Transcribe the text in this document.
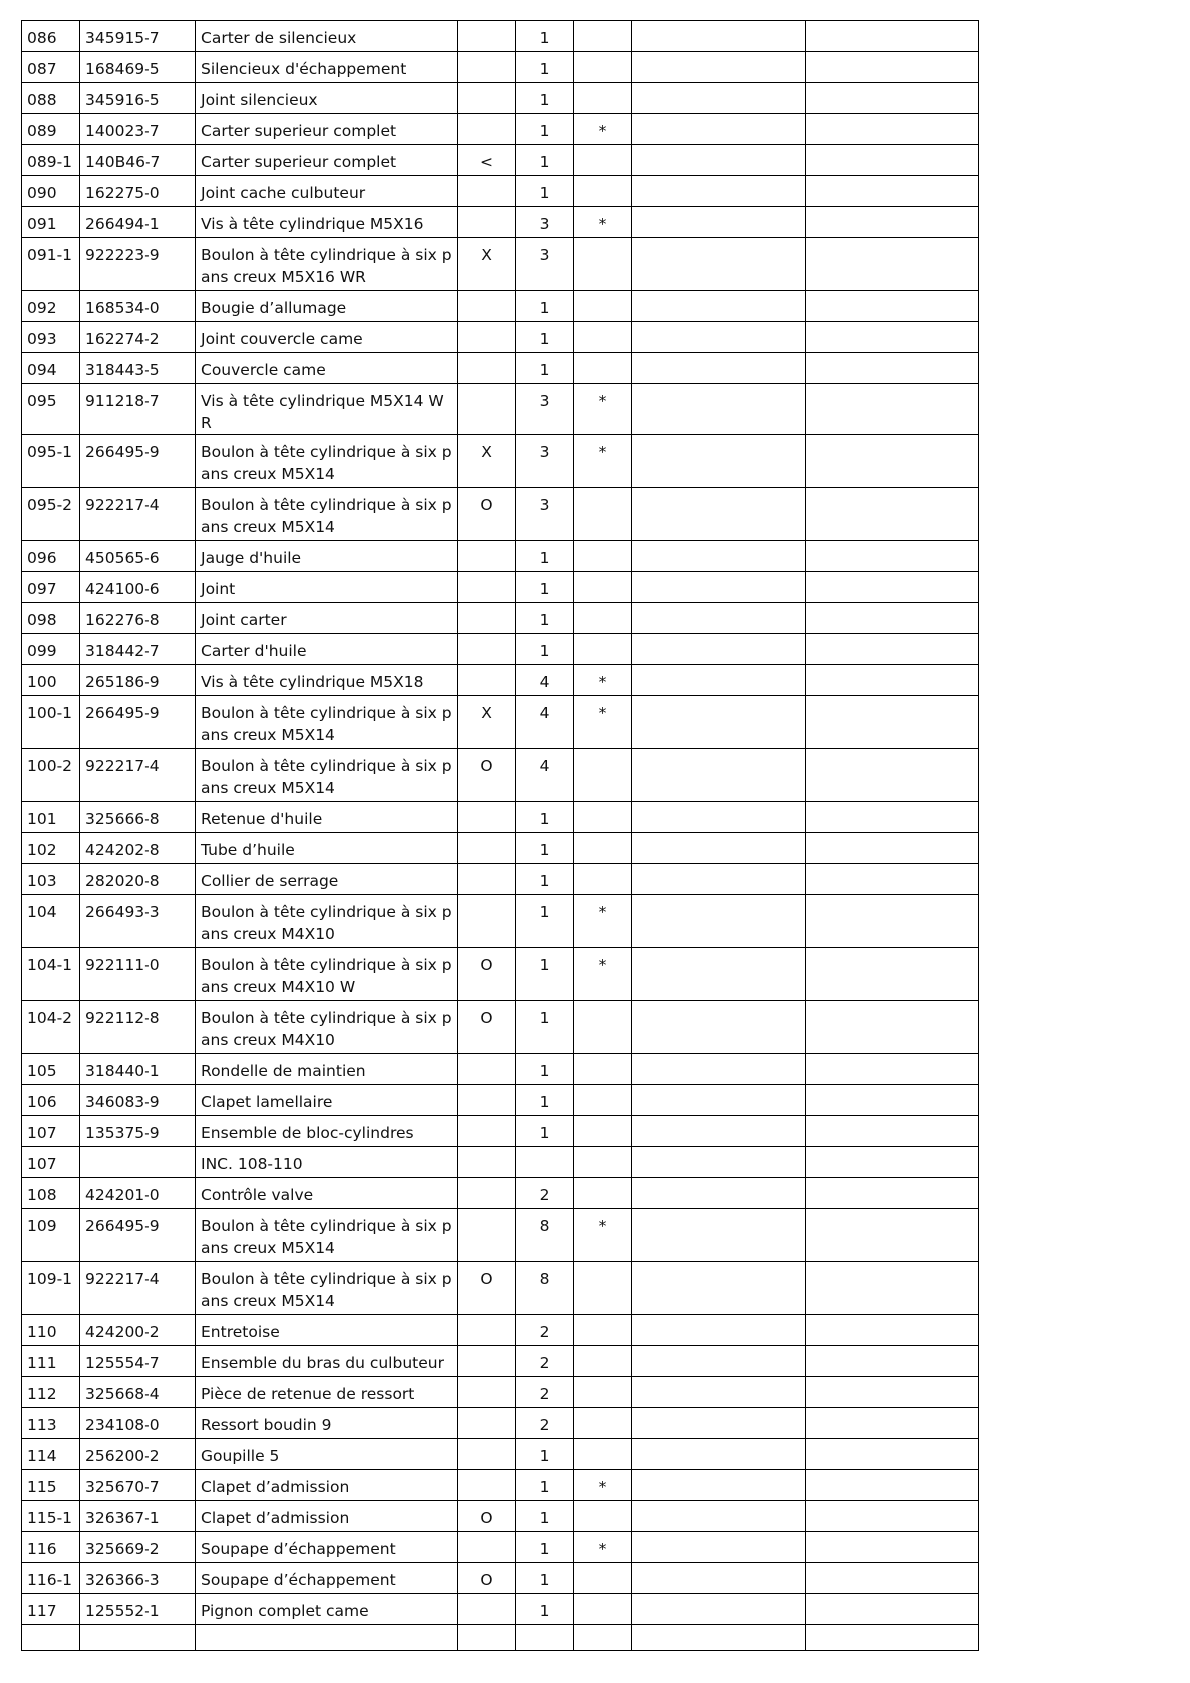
086	345915-7	Carter de silencieux		1			

087	168469-5	Silencieux d'échappement		1			

088	345916-5	Joint silencieux		1			

089	140023-7	Carter superieur complet		1	*		

089-1	140B46-7	Carter superieur complet	<	1			

090	162275-0	Joint cache culbuteur		1			

091	266494-1	Vis à tête cylindrique M5X16		3	*		

091-1	922223-9	Boulon à tête cylindrique à six pans creux M5X16 WR	X	3			

092	168534-0	Bougie d’allumage		1			

093	162274-2	Joint couvercle came		1			

094	318443-5	Couvercle came		1			

095	911218-7	Vis à tête cylindrique M5X14 WR		3	*		

095-1	266495-9	Boulon à tête cylindrique à six pans creux M5X14	X	3	*		

095-2	922217-4	Boulon à tête cylindrique à six pans creux M5X14	O	3			

096	450565-6	Jauge d'huile		1			

097	424100-6	Joint		1			

098	162276-8	Joint carter		1			

099	318442-7	Carter d'huile		1			

100	265186-9	Vis à tête cylindrique M5X18		4	*		

100-1	266495-9	Boulon à tête cylindrique à six pans creux M5X14	X	4	*		

100-2	922217-4	Boulon à tête cylindrique à six pans creux M5X14	O	4			

101	325666-8	Retenue d'huile		1			

102	424202-8	Tube d’huile		1			

103	282020-8	Collier de serrage		1			

104	266493-3	Boulon à tête cylindrique à six pans creux M4X10		1	*		

104-1	922111-0	Boulon à tête cylindrique à six pans creux M4X10 W	O	1	*		

104-2	922112-8	Boulon à tête cylindrique à six pans creux M4X10	O	1			

105	318440-1	Rondelle de maintien		1			

106	346083-9	Clapet lamellaire		1			

107	135375-9	Ensemble de bloc-cylindres		1			

107		INC. 108-110					

108	424201-0	Contrôle valve		2			

109	266495-9	Boulon à tête cylindrique à six pans creux M5X14		8	*		

109-1	922217-4	Boulon à tête cylindrique à six pans creux M5X14	O	8			

110	424200-2	Entretoise		2			

111	125554-7	Ensemble du bras du culbuteur		2			

112	325668-4	Pièce de retenue de ressort		2			

113	234108-0	Ressort boudin 9		2			

114	256200-2	Goupille 5		1			

115	325670-7	Clapet d’admission		1	*		

115-1	326367-1	Clapet d’admission	O	1			

116	325669-2	Soupape d’échappement		1	*		

116-1	326366-3	Soupape d’échappement	O	1			

117	125552-1	Pignon complet came		1			
